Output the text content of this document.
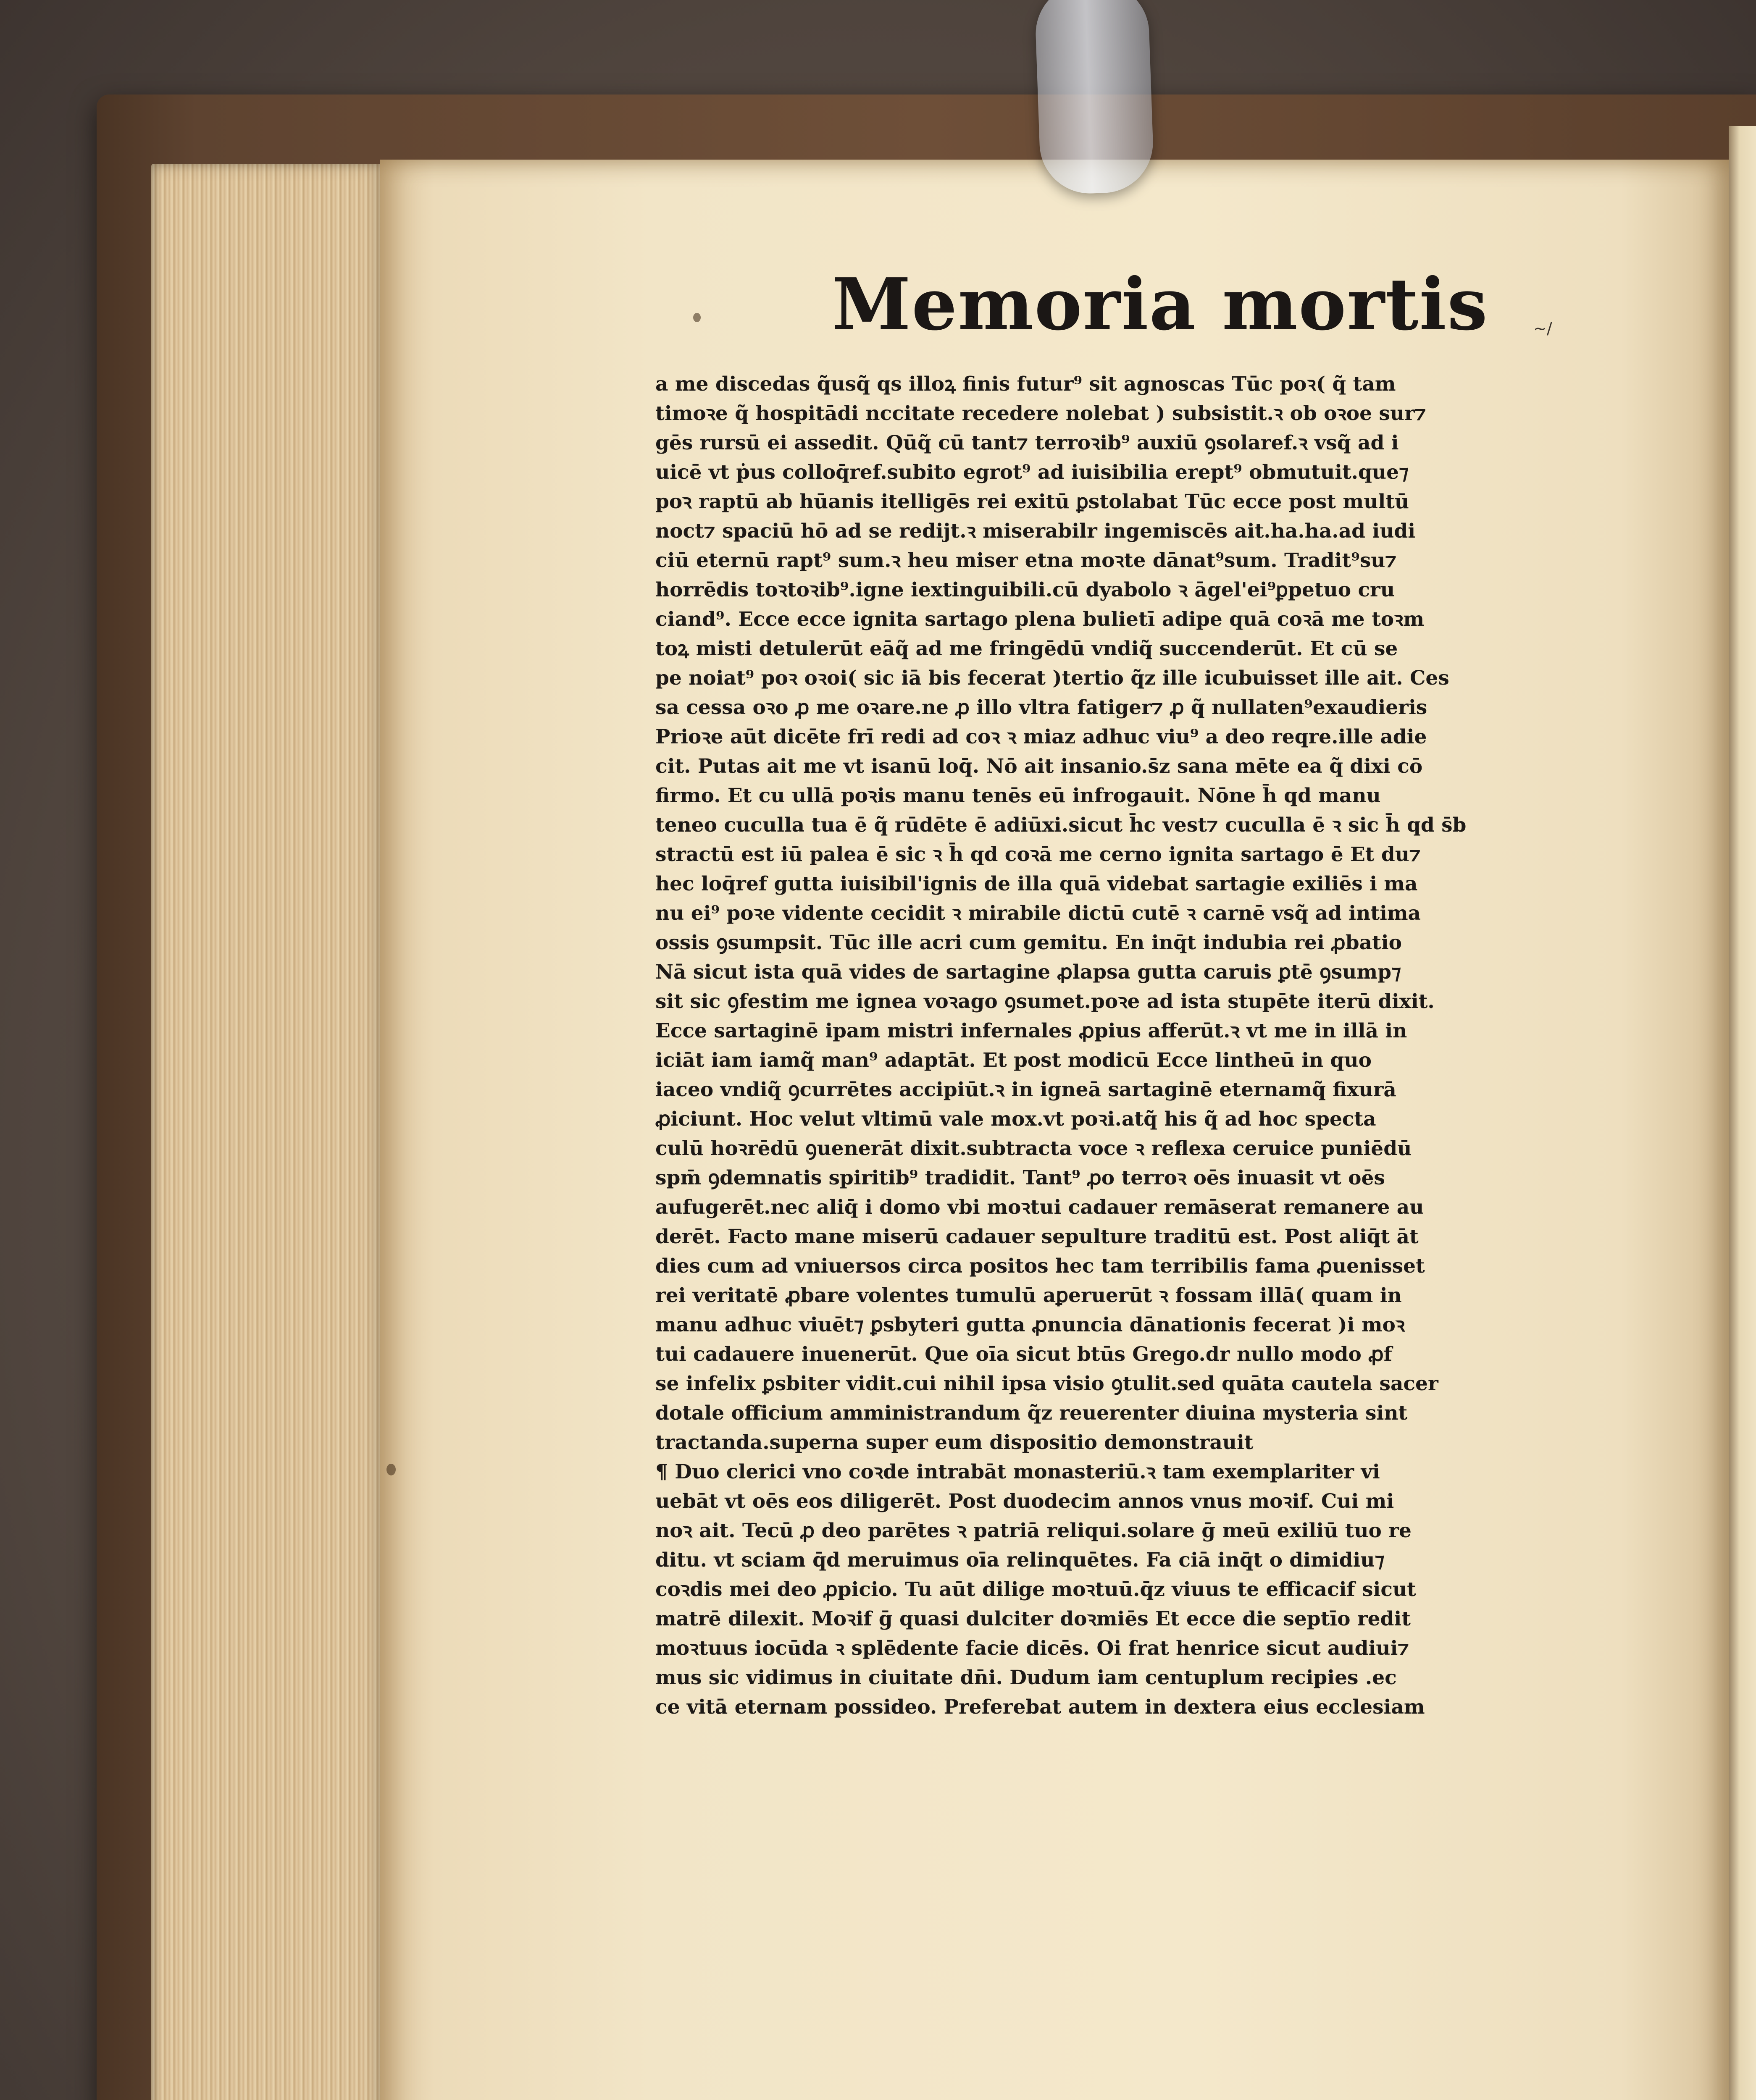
Memoria mortis	~/
a me discedas q̃usq̃ qs illoꝝ finis futur⁹ sit agnoscas Tūc poꝛ( q̃ tam
timoꝛe q̃ hospitādi nccitate recedere nolebat ) subsistit.ꝛ ob oꝛoe sur⁊
gēs rursū ei assedit. Qūq̃ cū tant⁊ terroꝛib⁹ auxiū ꝯsolaref.ꝛ vsq̃ ad i
uicē vt ṗus colloq̄ref.subito egrot⁹ ad iuisibilia erept⁹ obmutuit.que⁊
poꝛ raptū ab hūanis itelligēs rei exitū ꝑstolabat Tūc ecce post multū
noct⁊ spaciū hō ad se redijt.ꝛ miserabilr ingemiscēs ait.ha.ha.ad iudi
ciū eternū rapt⁹ sum.ꝛ heu miser etna moꝛte dānat⁹sum. Tradit⁹su⁊
horrēdis toꝛtoꝛib⁹.igne iextinguibili.cū dyabolo ꝛ āgel'ei⁹ꝑpetuo cru
ciand⁹. Ecce ecce ignita sartago plena bulietī adipe quā coꝛā me toꝛm
toꝝ misti detulerūt eāq̃ ad me fringēdū vndiq̃ succenderūt. Et cū se
pe noiat⁹ poꝛ oꝛoi( sic iā bis fecerat )tertio q̃z ille icubuisset ille ait. Ces
sa cessa oꝛo ꝓ me oꝛare.ne ꝓ illo vltra fatiger⁊ ꝓ q̃ nullaten⁹exaudieris
Prioꝛe aūt dicēte frī redi ad coꝛ ꝛ miaz adhuc viu⁹ a deo reqre.ille adie
cit. Putas ait me vt isanū loq̄. Nō ait insanio.s̄z sana mēte ea q̃ dixi cō
firmo. Et cu ullā poꝛis manu tenēs eū infrogauit. Nōne h̄ qd manu
teneo cuculla tua ē q̃ rūdēte ē adiūxi.sicut h̄c vest⁊ cuculla ē ꝛ sic h̄ qd s̄b
stractū est iū palea ē sic ꝛ h̄ qd coꝛā me cerno ignita sartago ē Et du⁊
hec loq̄ref gutta iuisibil'ignis de illa quā videbat sartagie exiliēs i ma
nu ei⁹ poꝛe vidente cecidit ꝛ mirabile dictū cutē ꝛ carnē vsq̃ ad intima
ossis ꝯsumpsit. Tūc ille acri cum gemitu. En inq̄t indubia rei ꝓbatio
Nā sicut ista quā vides de sartagine ꝓlapsa gutta caruis ꝑtē ꝯsump⁊
sit sic ꝯfestim me ignea voꝛago ꝯsumet.poꝛe ad ista stupēte iterū dixit.
Ecce sartaginē ipam mistri infernales ꝓpius afferūt.ꝛ vt me in illā in
iciāt iam iamq̃ man⁹ adaptāt. Et post modicū Ecce lintheū in quo
iaceo vndiq̃ ꝯcurrētes accipiūt.ꝛ in igneā sartaginē eternamq̃ fixurā
ꝓiciunt. Hoc velut vltimū vale mox.vt poꝛi.atq̃ his q̃ ad hoc specta
culū hoꝛrēdū ꝯuenerāt dixit.subtracta voce ꝛ reflexa ceruice puniēdū
spm̄ ꝯdemnatis spiritib⁹ tradidit. Tant⁹ ꝓo terroꝛ oēs inuasit vt oēs
aufugerēt.nec aliq̄ i domo vbi moꝛtui cadauer remāserat remanere au
derēt. Facto mane miserū cadauer sepulture traditū est. Post aliq̄t āt
dies cum ad vniuersos circa positos hec tam terribilis fama ꝓuenisset
rei veritatē ꝓbare volentes tumulū aꝑeruerūt ꝛ fossam illā( quam in
manu adhuc viuēt⁊ ꝑsbyteri gutta ꝓnuncia dānationis fecerat )i moꝛ
tui cadauere inuenerūt. Que oīa sicut btūs Grego.dr nullo modo ꝓf
se infelix ꝑsbiter vidit.cui nihil ipsa visio ꝯtulit.sed quāta cautela sacer
dotale officium amministrandum q̃z reuerenter diuina mysteria sint
tractanda.superna super eum dispositio demonstrauit
¶ Duo clerici vno coꝛde intrabāt monasteriū.ꝛ tam exemplariter vi
uebāt vt oēs eos diligerēt. Post duodecim annos vnus moꝛif. Cui mi
noꝛ ait. Tecū ꝓ deo parētes ꝛ patriā reliqui.solare ḡ meū exiliū tuo re
ditu. vt sciam q̄d meruimus oīa relinquētes. Fa ciā inq̄t o dimidiu⁊
coꝛdis mei deo ꝓpicio. Tu aūt dilige moꝛtuū.q̄z viuus te efficacif sicut
matrē dilexit. Moꝛif ḡ quasi dulciter doꝛmiēs Et ecce die septīo redit
moꝛtuus iocūda ꝛ splēdente facie dicēs. Oi frat henrice sicut audiui⁊
mus sic vidimus in ciuitate dn̄i. Dudum iam centuplum recipies .ec
ce vitā eternam possideo. Preferebat autem in dextera eius ecclesiam
